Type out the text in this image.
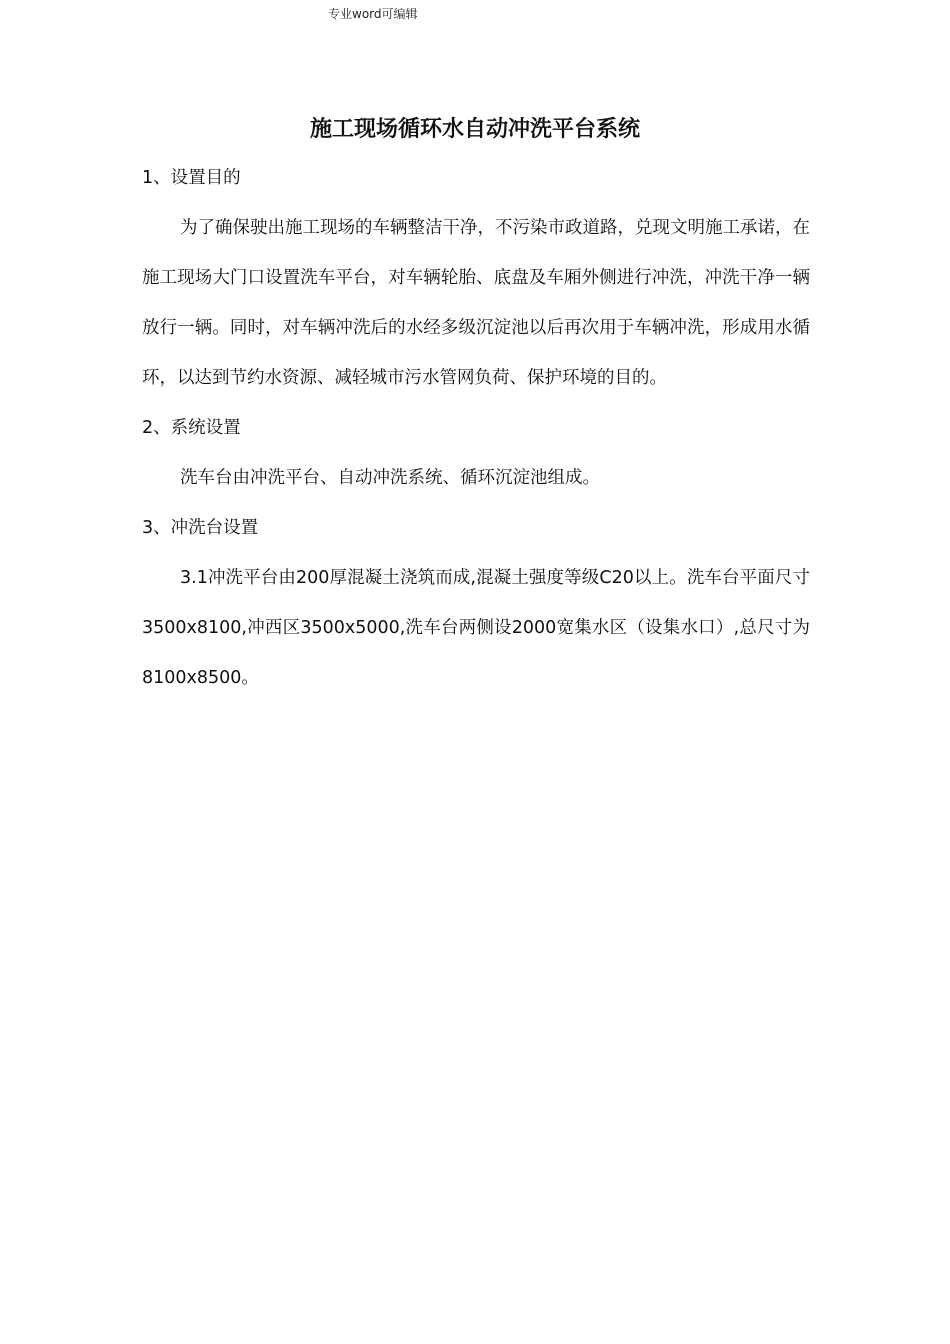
专业word可编辑
施工现场循环水自动冲洗平台系统
1、设置目的

为了确保驶出施工现场的车辆整洁干净，不污染市政道路，兑现文明施工承诺，在施工现场大门口设置洗车平台，对车辆轮胎、底盘及车厢外侧进行冲洗，冲洗干净一辆放行一辆。同时，对车辆冲洗后的水经多级沉淀池以后再次用于车辆冲洗，形成用水循环，以达到节约水资源、减轻城市污水管网负荷、保护环境的目的。

2、系统设置

洗车台由冲洗平台、自动冲洗系统、循环沉淀池组成。

3、冲洗台设置

3.1冲洗平台由200厚混凝土浇筑而成,混凝土强度等级C20以上。洗车台平面尺寸3500x8100,冲西区3500x5000,洗车台两侧设2000宽集水区（设集水口）,总尺寸为8100x8500。
